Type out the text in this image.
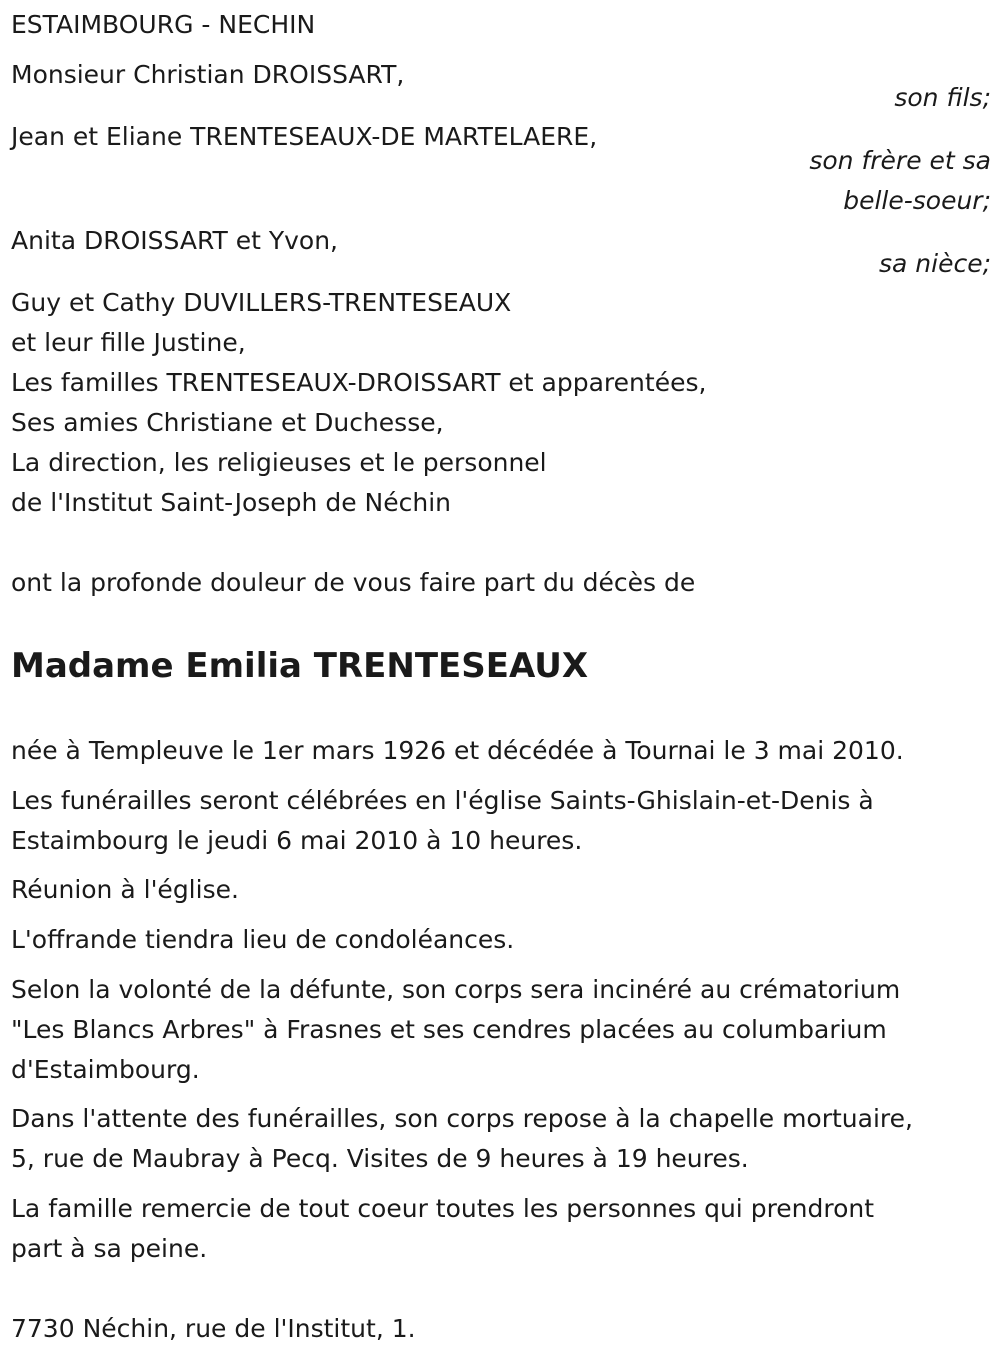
ESTAIMBOURG - NECHIN
Monsieur Christian DROISSART,
son fils;
Jean et Eliane TRENTESEAUX-DE MARTELAERE,
son frère et sa
belle-soeur;
Anita DROISSART et Yvon,
sa nièce;
Guy et Cathy DUVILLERS-TRENTESEAUX
et leur fille Justine,
Les familles TRENTESEAUX-DROISSART et apparentées,
Ses amies Christiane et Duchesse,
La direction, les religieuses et le personnel
de l'Institut Saint-Joseph de Néchin
ont la profonde douleur de vous faire part du décès de
Madame Emilia TRENTESEAUX
née à Templeuve le 1er mars 1926 et décédée à Tournai le 3 mai 2010.
Les funérailles seront célébrées en l'église Saints-Ghislain-et-Denis à
Estaimbourg le jeudi 6 mai 2010 à 10 heures.
Réunion à l'église.
L'offrande tiendra lieu de condoléances.
Selon la volonté de la défunte, son corps sera incinéré au crématorium
"Les Blancs Arbres" à Frasnes et ses cendres placées au columbarium
d'Estaimbourg.
Dans l'attente des funérailles, son corps repose à la chapelle mortuaire,
5, rue de Maubray à Pecq. Visites de 9 heures à 19 heures.
La famille remercie de tout coeur toutes les personnes qui prendront
part à sa peine.
7730 Néchin, rue de l'Institut, 1.
